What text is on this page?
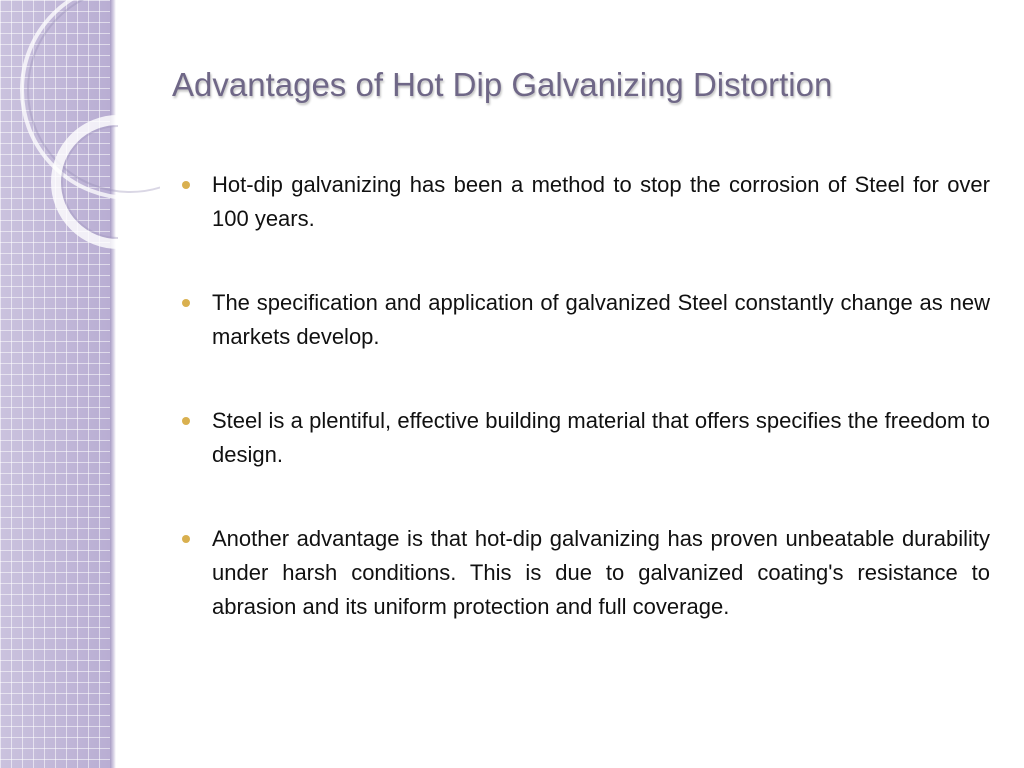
Advantages of Hot Dip Galvanizing Distortion
Hot-dip galvanizing has been a method to stop the corrosion of Steel for over 100 years.
The specification and application of galvanized Steel constantly change as new markets develop.
Steel is a plentiful, effective building material that offers specifies the freedom to design.
Another advantage is that hot-dip galvanizing has proven unbeatable durability under harsh conditions. This is due to galvanized coating's resistance to abrasion and its uniform protection and full coverage.
